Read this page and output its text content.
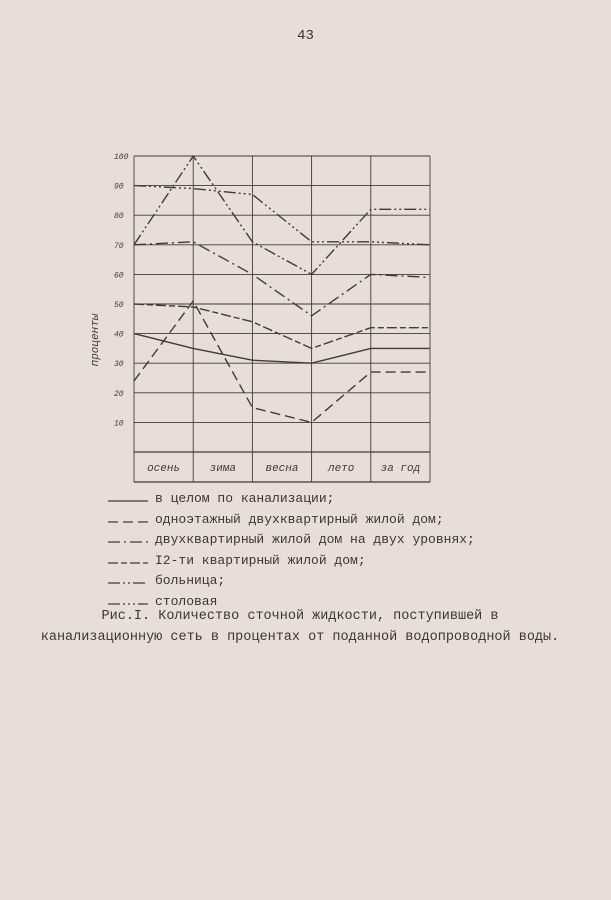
43
10
20
30
40
50
60
70
80
90
100
осень	зима	весна	лето за год
проценты
в целом по канализации;
одноэтажный двухквартирный жилой дом;
двухквартирный жилой дом на двух уровнях;
I2-ти квартирный жилой дом;
больница;
столовая
Рис.I. Количество сточной жидкости, поступившей в канализационную сеть в процентах от поданной водопроводной воды.
